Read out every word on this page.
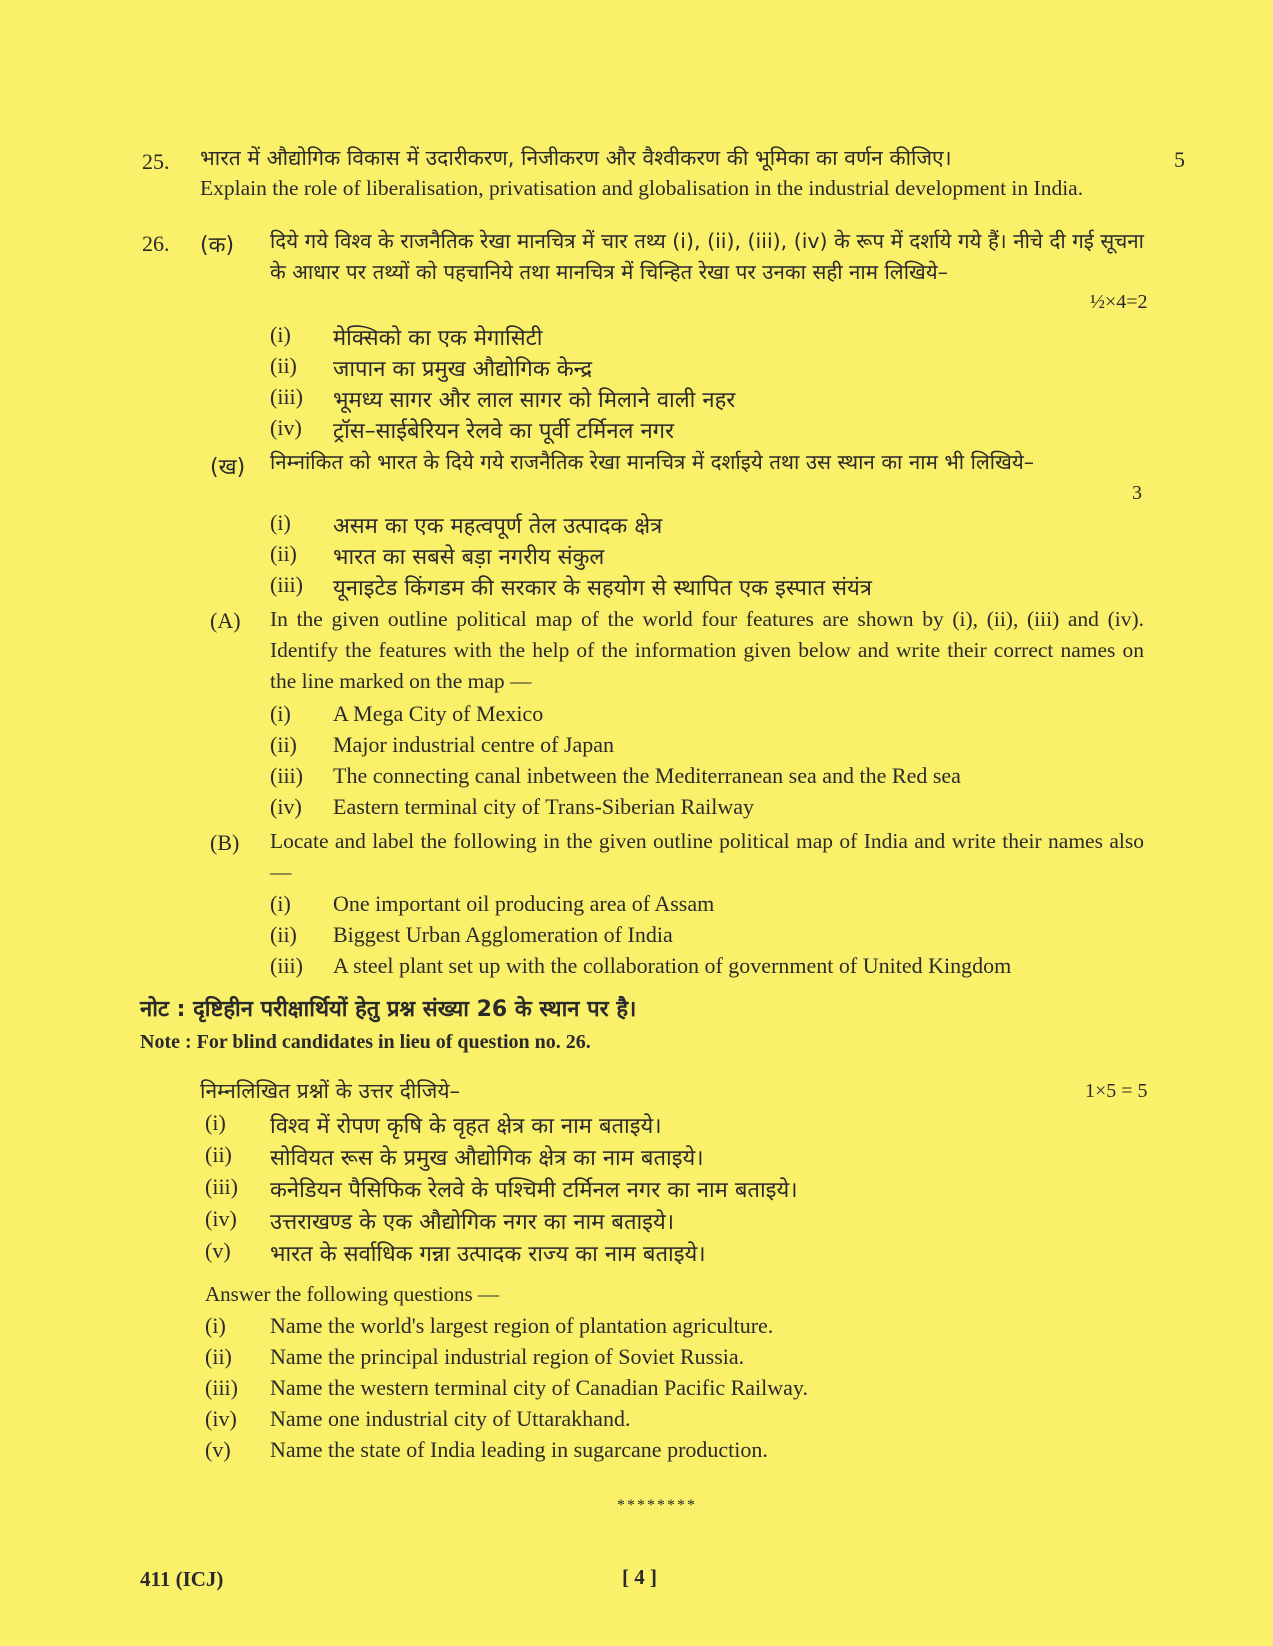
25. भारत में औद्योगिक विकास में उदारीकरण, निजीकरण और वैश्वीकरण की भूमिका का वर्णन कीजिए।	5
Explain the role of liberalisation, privatisation and globalisation in the industrial development in India.
26. (क) दिये गये विश्व के राजनैतिक रेखा मानचित्र में चार तथ्य (i), (ii), (iii), (iv) के रूप में दर्शाये गये हैं। नीचे दी गई सूचना के आधार पर तथ्यों को पहचानिये तथा मानचित्र में चिन्हित रेखा पर उनका सही नाम लिखिये–
½×4=2
(i) मेक्सिको का एक मेगासिटी
(ii) जापान का प्रमुख औद्योगिक केन्द्र
(iii) भूमध्य सागर और लाल सागर को मिलाने वाली नहर
(iv) ट्रॉस–साईबेरियन रेलवे का पूर्वी टर्मिनल नगर
(ख) निम्नांकित को भारत के दिये गये राजनैतिक रेखा मानचित्र में दर्शाइये तथा उस स्थान का नाम भी लिखिये–
3
(i) असम का एक महत्वपूर्ण तेल उत्पादक क्षेत्र
(ii) भारत का सबसे बड़ा नगरीय संकुल
(iii) यूनाइटेड किंगडम की सरकार के सहयोग से स्थापित एक इस्पात संयंत्र
(A) In the given outline political map of the world four features are shown by (i), (ii), (iii) and (iv). Identify the features with the help of the information given below and write their correct names on the line marked on the map —
(i) A Mega City of Mexico
(ii) Major industrial centre of Japan
(iii) The connecting canal inbetween the Mediterranean sea and the Red sea
(iv) Eastern terminal city of Trans-Siberian Railway
(B) Locate and label the following in the given outline political map of India and write their names also —
(i) One important oil producing area of Assam
(ii) Biggest Urban Agglomeration of India
(iii) A steel plant set up with the collaboration of government of United Kingdom
नोट : दृष्टिहीन परीक्षार्थियों हेतु प्रश्न संख्या 26 के स्थान पर है।
Note : For blind candidates in lieu of question no. 26.
निम्नलिखित प्रश्नों के उत्तर दीजिये–	1×5 = 5
(i) विश्व में रोपण कृषि के वृहत क्षेत्र का नाम बताइये।
(ii) सोवियत रूस के प्रमुख औद्योगिक क्षेत्र का नाम बताइये।
(iii) कनेडियन पैसिफिक रेलवे के पश्चिमी टर्मिनल नगर का नाम बताइये।
(iv) उत्तराखण्ड के एक औद्योगिक नगर का नाम बताइये।
(v) भारत के सर्वाधिक गन्ना उत्पादक राज्य का नाम बताइये।
Answer the following questions —
(i) Name the world's largest region of plantation agriculture.
(ii) Name the principal industrial region of Soviet Russia.
(iii) Name the western terminal city of Canadian Pacific Railway.
(iv) Name one industrial city of Uttarakhand.
(v) Name the state of India leading in sugarcane production.
********
411 (ICJ)	[ 4 ]
